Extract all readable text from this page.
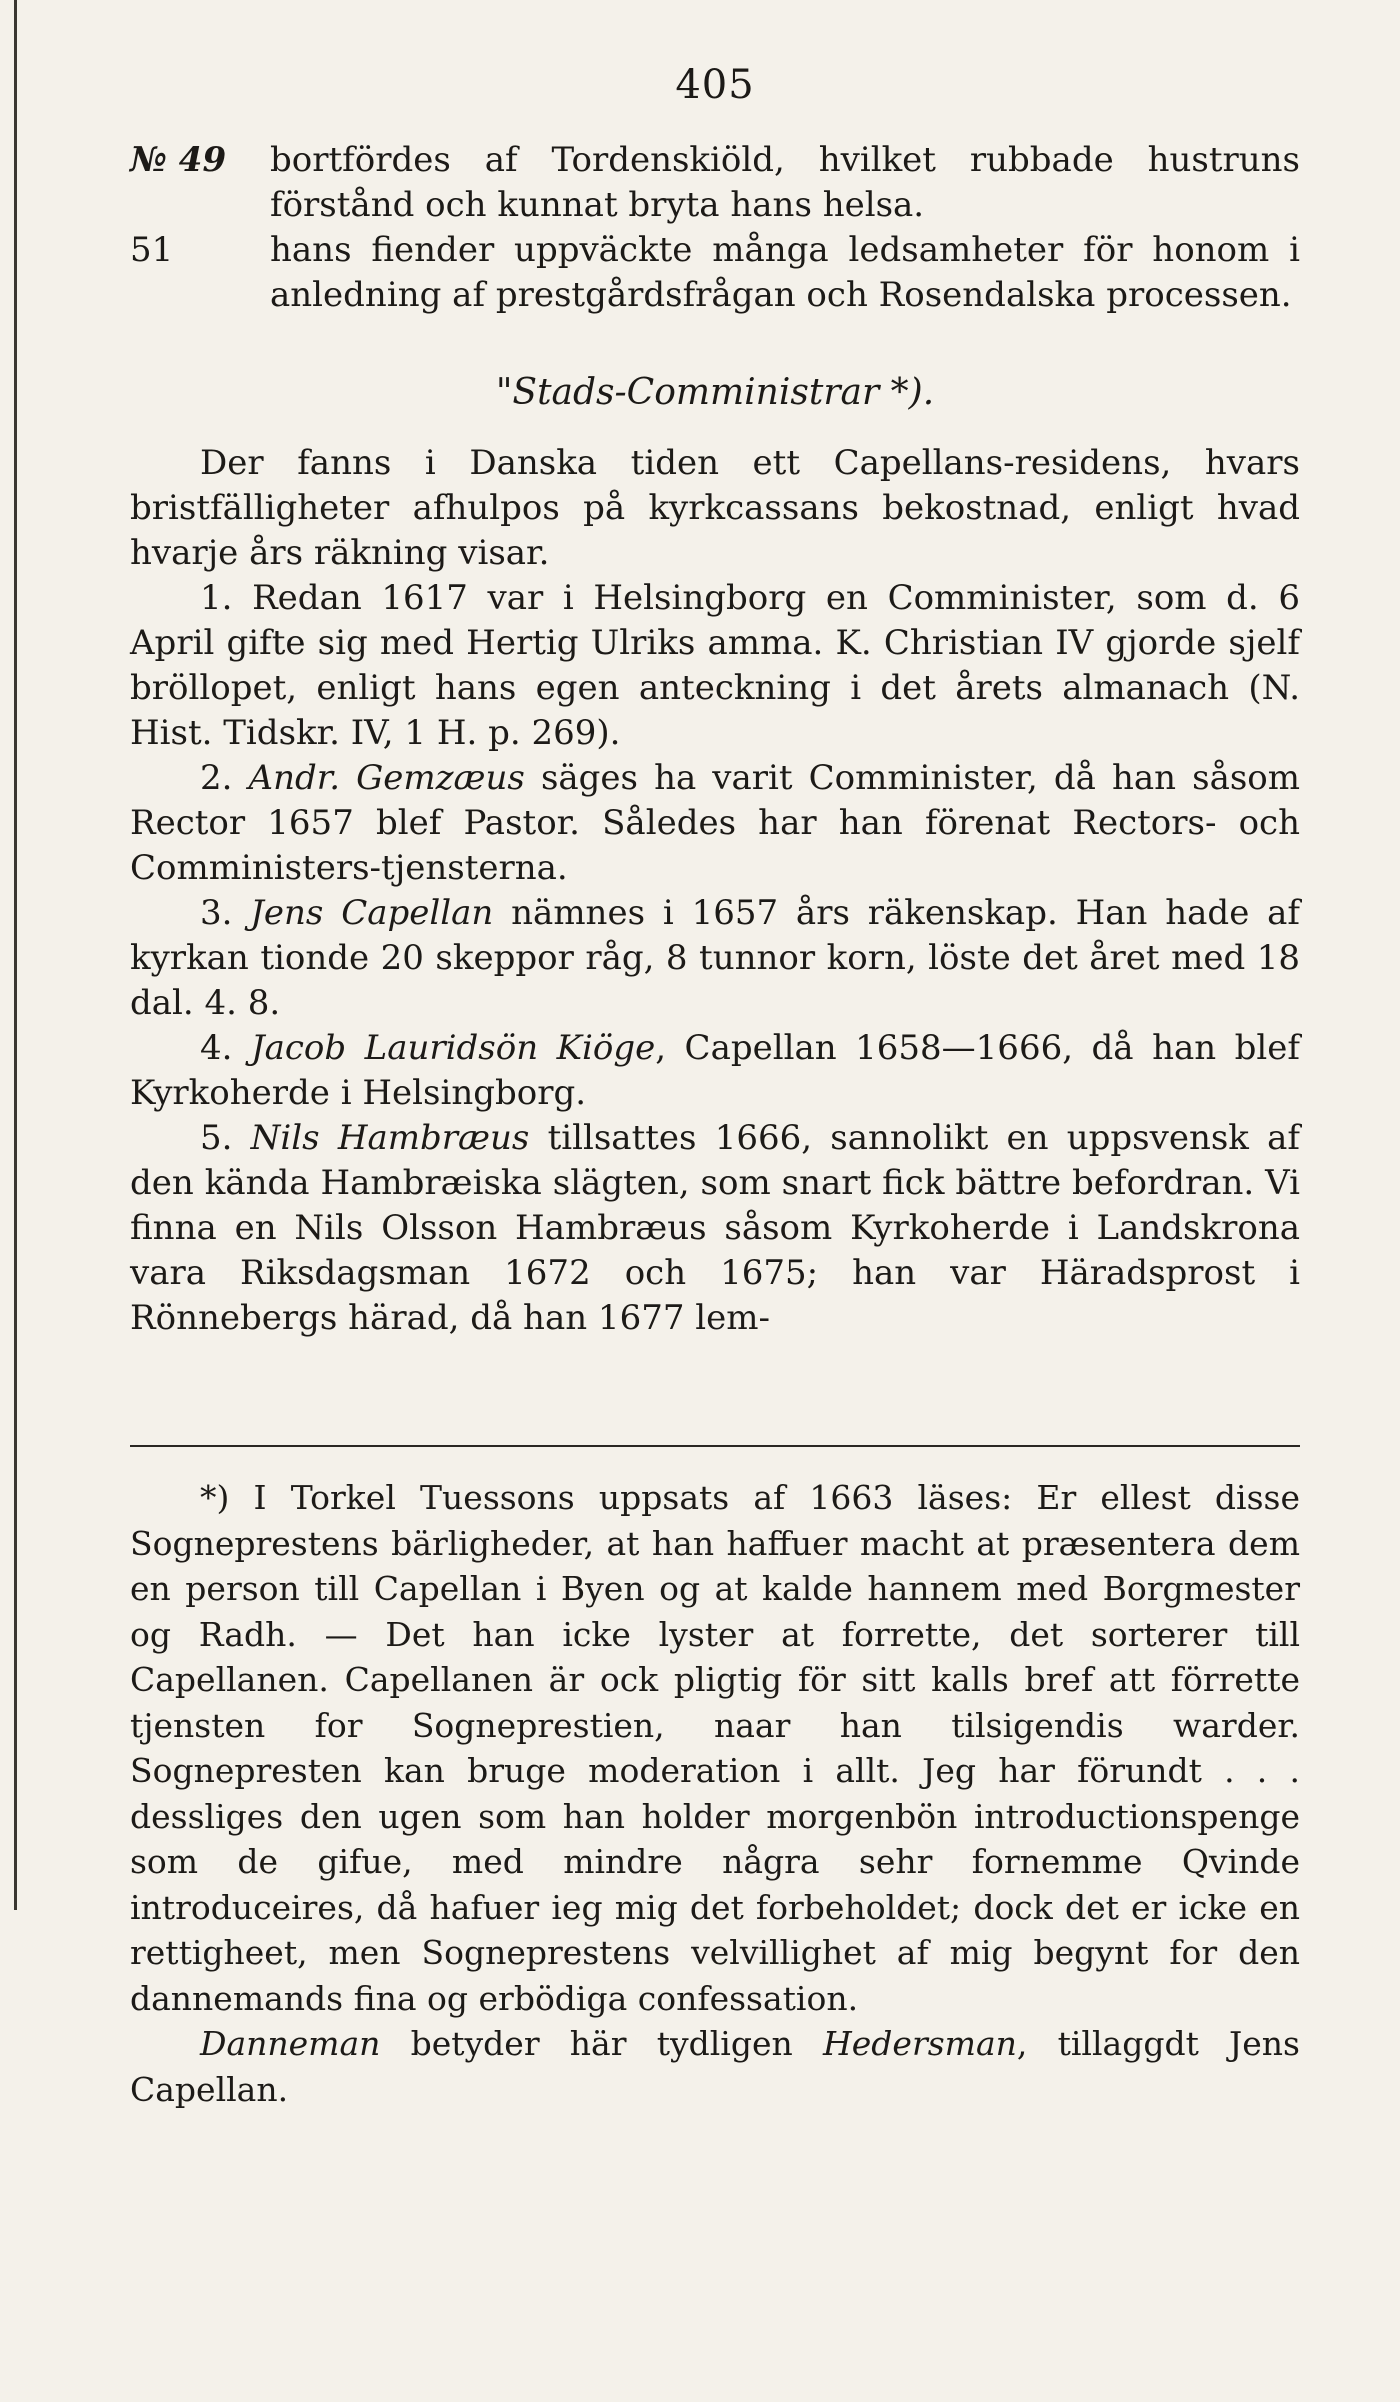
405
№ 49	bortfördes af Tordenskiöld, hvilket rubbade hustruns förstånd och kunnat bryta hans helsa.
51	hans fiender uppväckte många ledsamheter för honom i anledning af prestgårdsfrågan och Rosendalska processen.
"Stads-Comministrar *).
Der fanns i Danska tiden ett Capellans-residens, hvars bristfälligheter afhulpos på kyrkcassans bekostnad, enligt hvad hvarje års räkning visar.
1. Redan 1617 var i Helsingborg en Comminister, som d. 6 April gifte sig med Hertig Ulriks amma. K. Christian IV gjorde sjelf bröllopet, enligt hans egen anteckning i det årets almanach (N. Hist. Tidskr. IV, 1 H. p. 269).
2. Andr. Gemzæus säges ha varit Comminister, då han såsom Rector 1657 blef Pastor. Således har han förenat Rectors- och Comministers-tjensterna.
3. Jens Capellan nämnes i 1657 års räkenskap. Han hade af kyrkan tionde 20 skeppor råg, 8 tunnor korn, löste det året med 18 dal. 4. 8.
4. Jacob Lauridsön Kiöge, Capellan 1658—1666, då han blef Kyrkoherde i Helsingborg.
5. Nils Hambræus tillsattes 1666, sannolikt en uppsvensk af den kända Hambræiska slägten, som snart fick bättre befordran. Vi finna en Nils Olsson Hambræus såsom Kyrkoherde i Landskrona vara Riksdagsman 1672 och 1675; han var Häradsprost i Rönnebergs härad, då han 1677 lem-
*) I Torkel Tuessons uppsats af 1663 läses: Er ellest disse Sogneprestens bärligheder, at han haffuer macht at præsentera dem en person till Capellan i Byen og at kalde hannem med Borgmester og Radh. — Det han icke lyster at forrette, det sorterer till Capellanen. Capellanen är ock pligtig för sitt kalls bref att förrette tjensten for Sogneprestien, naar han tilsigendis warder. Sognepresten kan bruge moderation i allt. Jeg har förundt . . . dessliges den ugen som han holder morgenbön introductionspenge som de gifue, med mindre några sehr fornemme Qvinde introduceires, då hafuer ieg mig det forbeholdet; dock det er icke en rettigheet, men Sogneprestens velvillighet af mig begynt for den dannemands fina og erbödiga confessation.
Danneman betyder här tydligen Hedersman, tillaggdt Jens Capellan.
